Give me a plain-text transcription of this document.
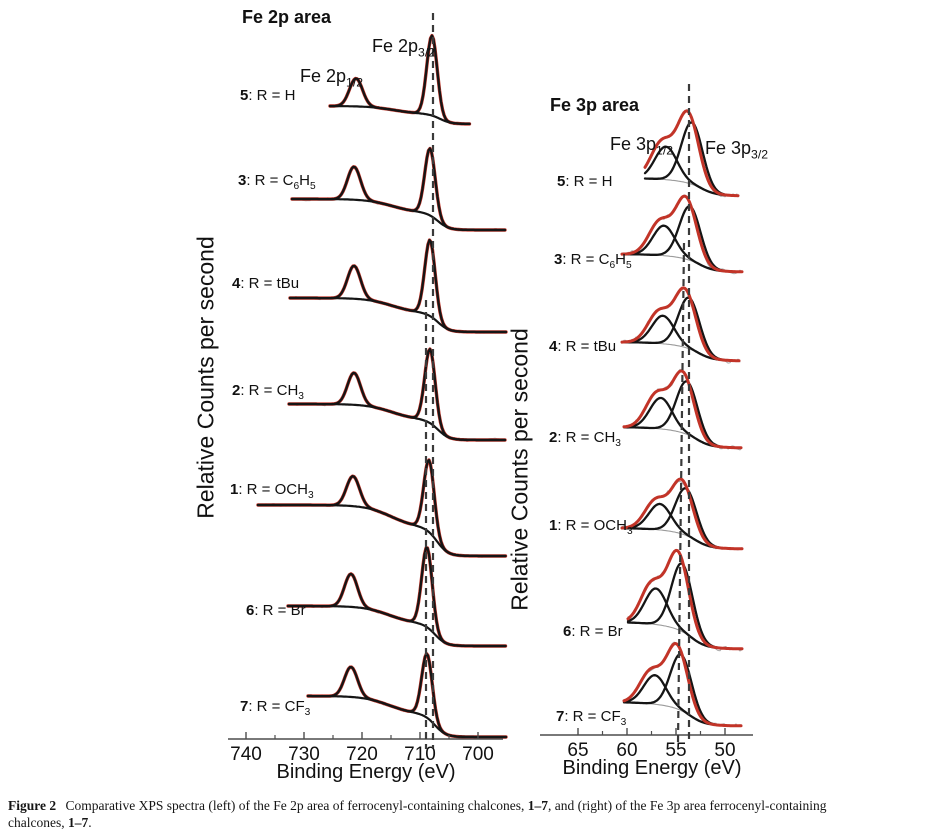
740 730 720 710 700	65 60 55 50
Fe 2p area
Fe 3p area
Fe $2p_{1/2}$
Fe $2p_{3/2}$
Fe $3p_{1/2}$ Fe $3p_{3/2}$
Relative Counts per second	Relative Counts per second
Binding Energy (eV)	Binding Energy (eV)
5: R = H
3: $R = C_6H_5$
4: R = tBu
2: $R = CH_3$
1: $R = OCH_3$
6: R = Br
7: $R = CF_3$
5: R = H
3: $R = C_6H_5$
4: R = tBu
2: $R = CH_3$
1: $R = OCH_3$
6: R = Br
7: $R = CF_3$
Figure 2 Comparative XPS spectra (left) of the Fe 2p area of ferrocenyl-containing chalcones, 1–7, and (right) of the Fe 3p area ferrocenyl-containing
chalcones, 1–7.
